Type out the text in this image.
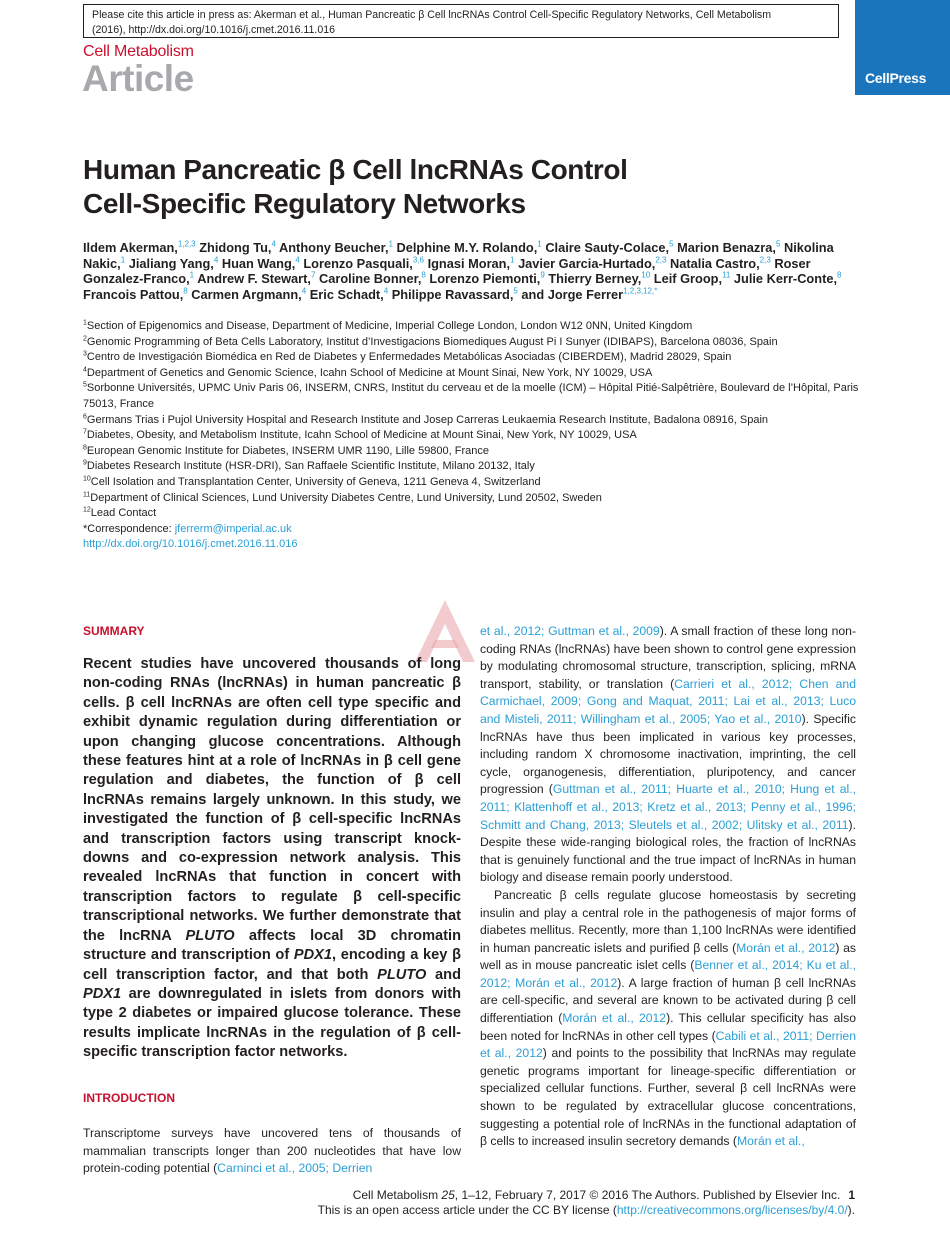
Please cite this article in press as: Akerman et al., Human Pancreatic β Cell lncRNAs Control Cell-Specific Regulatory Networks, Cell Metabolism
(2016), http://dx.doi.org/10.1016/j.cmet.2016.11.016
Cell Metabolism
Article	CellPress
Human Pancreatic β Cell lncRNAs Control
Cell-Specific Regulatory Networks
Ildem Akerman,$^{1,2,3}$ Zhidong Tu,$^4$ Anthony Beucher,$^1$ Delphine M.Y. Rolando,$^1$ Claire Sauty-Colace,$^5$ Marion Benazra,$^5$ Nikolina Nakic,$^1$ Jialiang Yang,$^4$ Huan Wang,$^4$ Lorenzo Pasquali,$^{3,6}$ Ignasi Moran,$^1$ Javier Garcia-Hurtado,$^{2,3}$ Natalia Castro,$^{2,3}$ Roser Gonzalez-Franco,$^1$ Andrew F. Stewart,$^7$ Caroline Bonner,$^8$ Lorenzo Piemonti,$^9$ Thierry Berney,$^{10}$ Leif Groop,$^{11}$ Julie Kerr-Conte,$^8$ Francois Pattou,$^8$ Carmen Argmann,$^4$ Eric Schadt,$^4$ Philippe Ravassard,$^5$ and Jorge Ferrer$^{1,2,3,12,*}$
$^1$Section of Epigenomics and Disease, Department of Medicine, Imperial College London, London W12 0NN, United Kingdom
$^2$Genomic Programming of Beta Cells Laboratory, Institut d’Investigacions Biomediques August Pi I Sunyer (IDIBAPS), Barcelona 08036, Spain
$^3$Centro de Investigación Biomédica en Red de Diabetes y Enfermedades Metabólicas Asociadas (CIBERDEM), Madrid 28029, Spain
$^4$Department of Genetics and Genomic Science, Icahn School of Medicine at Mount Sinai, New York, NY 10029, USA
$^5$Sorbonne Universités, UPMC Univ Paris 06, INSERM, CNRS, Institut du cerveau et de la moelle (ICM) – Hôpital Pitié-Salpêtrière, Boulevard de l’Hôpital, Paris 75013, France
$^6$Germans Trias i Pujol University Hospital and Research Institute and Josep Carreras Leukaemia Research Institute, Badalona 08916, Spain
$^7$Diabetes, Obesity, and Metabolism Institute, Icahn School of Medicine at Mount Sinai, New York, NY 10029, USA
$^8$European Genomic Institute for Diabetes, INSERM UMR 1190, Lille 59800, France
$^9$Diabetes Research Institute (HSR-DRI), San Raffaele Scientific Institute, Milano 20132, Italy
$^{10}$Cell Isolation and Transplantation Center, University of Geneva, 1211 Geneva 4, Switzerland
$^{11}$Department of Clinical Sciences, Lund University Diabetes Centre, Lund University, Lund 20502, Sweden
$^{12}$Lead Contact
*Correspondence: jferrerm@imperial.ac.uk
http://dx.doi.org/10.1016/j.cmet.2016.11.016
SUMMARY
Recent studies have uncovered thousands of long non-coding RNAs (lncRNAs) in human pancreatic β cells. β cell lncRNAs are often cell type specific and exhibit dynamic regulation during differentiation or upon changing glucose concentrations. Although these features hint at a role of lncRNAs in β cell gene regulation and diabetes, the function of β cell lncRNAs remains largely unknown. In this study, we investigated the function of β cell-specific lncRNAs and transcription factors using transcript knock-downs and co-expression network analysis. This revealed lncRNAs that function in concert with transcription factors to regulate β cell-specific transcriptional networks. We further demonstrate that the lncRNA PLUTO affects local 3D chromatin structure and transcription of PDX1, encoding a key β cell transcription factor, and that both PLUTO and PDX1 are downregulated in islets from donors with type 2 diabetes or impaired glucose tolerance. These results implicate lncRNAs in the regulation of β cell-specific transcription factor networks.
INTRODUCTION
Transcriptome surveys have uncovered tens of thousands of mammalian transcripts longer than 200 nucleotides that have low protein-coding potential (Carninci et al., 2005; Derrien

et al., 2012; Guttman et al., 2009). A small fraction of these long non-coding RNAs (lncRNAs) have been shown to control gene expression by modulating chromosomal structure, transcription, splicing, mRNA transport, stability, or translation (Carrieri et al., 2012; Chen and Carmichael, 2009; Gong and Maquat, 2011; Lai et al., 2013; Luco and Misteli, 2011; Willingham et al., 2005; Yao et al., 2010). Specific lncRNAs have thus been implicated in various key processes, including random X chromosome inactivation, imprinting, the cell cycle, organogenesis, differentiation, pluripotency, and cancer progression (Guttman et al., 2011; Huarte et al., 2010; Hung et al., 2011; Klattenhoff et al., 2013; Kretz et al., 2013; Penny et al., 1996; Schmitt and Chang, 2013; Sleutels et al., 2002; Ulitsky et al., 2011). Despite these wide-ranging biological roles, the fraction of lncRNAs that is genuinely functional and the true impact of lncRNAs in human biology and disease remain poorly understood.

Pancreatic β cells regulate glucose homeostasis by secreting insulin and play a central role in the pathogenesis of major forms of diabetes mellitus. Recently, more than 1,100 lncRNAs were identified in human pancreatic islets and purified β cells (Morán et al., 2012) as well as in mouse pancreatic islet cells (Benner et al., 2014; Ku et al., 2012; Morán et al., 2012). A large fraction of human β cell lncRNAs are cell-specific, and several are known to be activated during β cell differentiation (Morán et al., 2012). This cellular specificity has also been noted for lncRNAs in other cell types (Cabili et al., 2011; Derrien et al., 2012) and points to the possibility that lncRNAs may regulate genetic programs important for lineage-specific differentiation or specialized cellular functions. Further, several β cell lncRNAs were shown to be regulated by extracellular glucose concentrations, suggesting a potential role of lncRNAs in the functional adaptation of β cells to increased insulin secretory demands (Morán et al.,

Cell Metabolism 25, 1–12, February 7, 2017 © 2016 The Authors. Published by Elsevier Inc. 1
This is an open access article under the CC BY license (http://creativecommons.org/licenses/by/4.0/).
